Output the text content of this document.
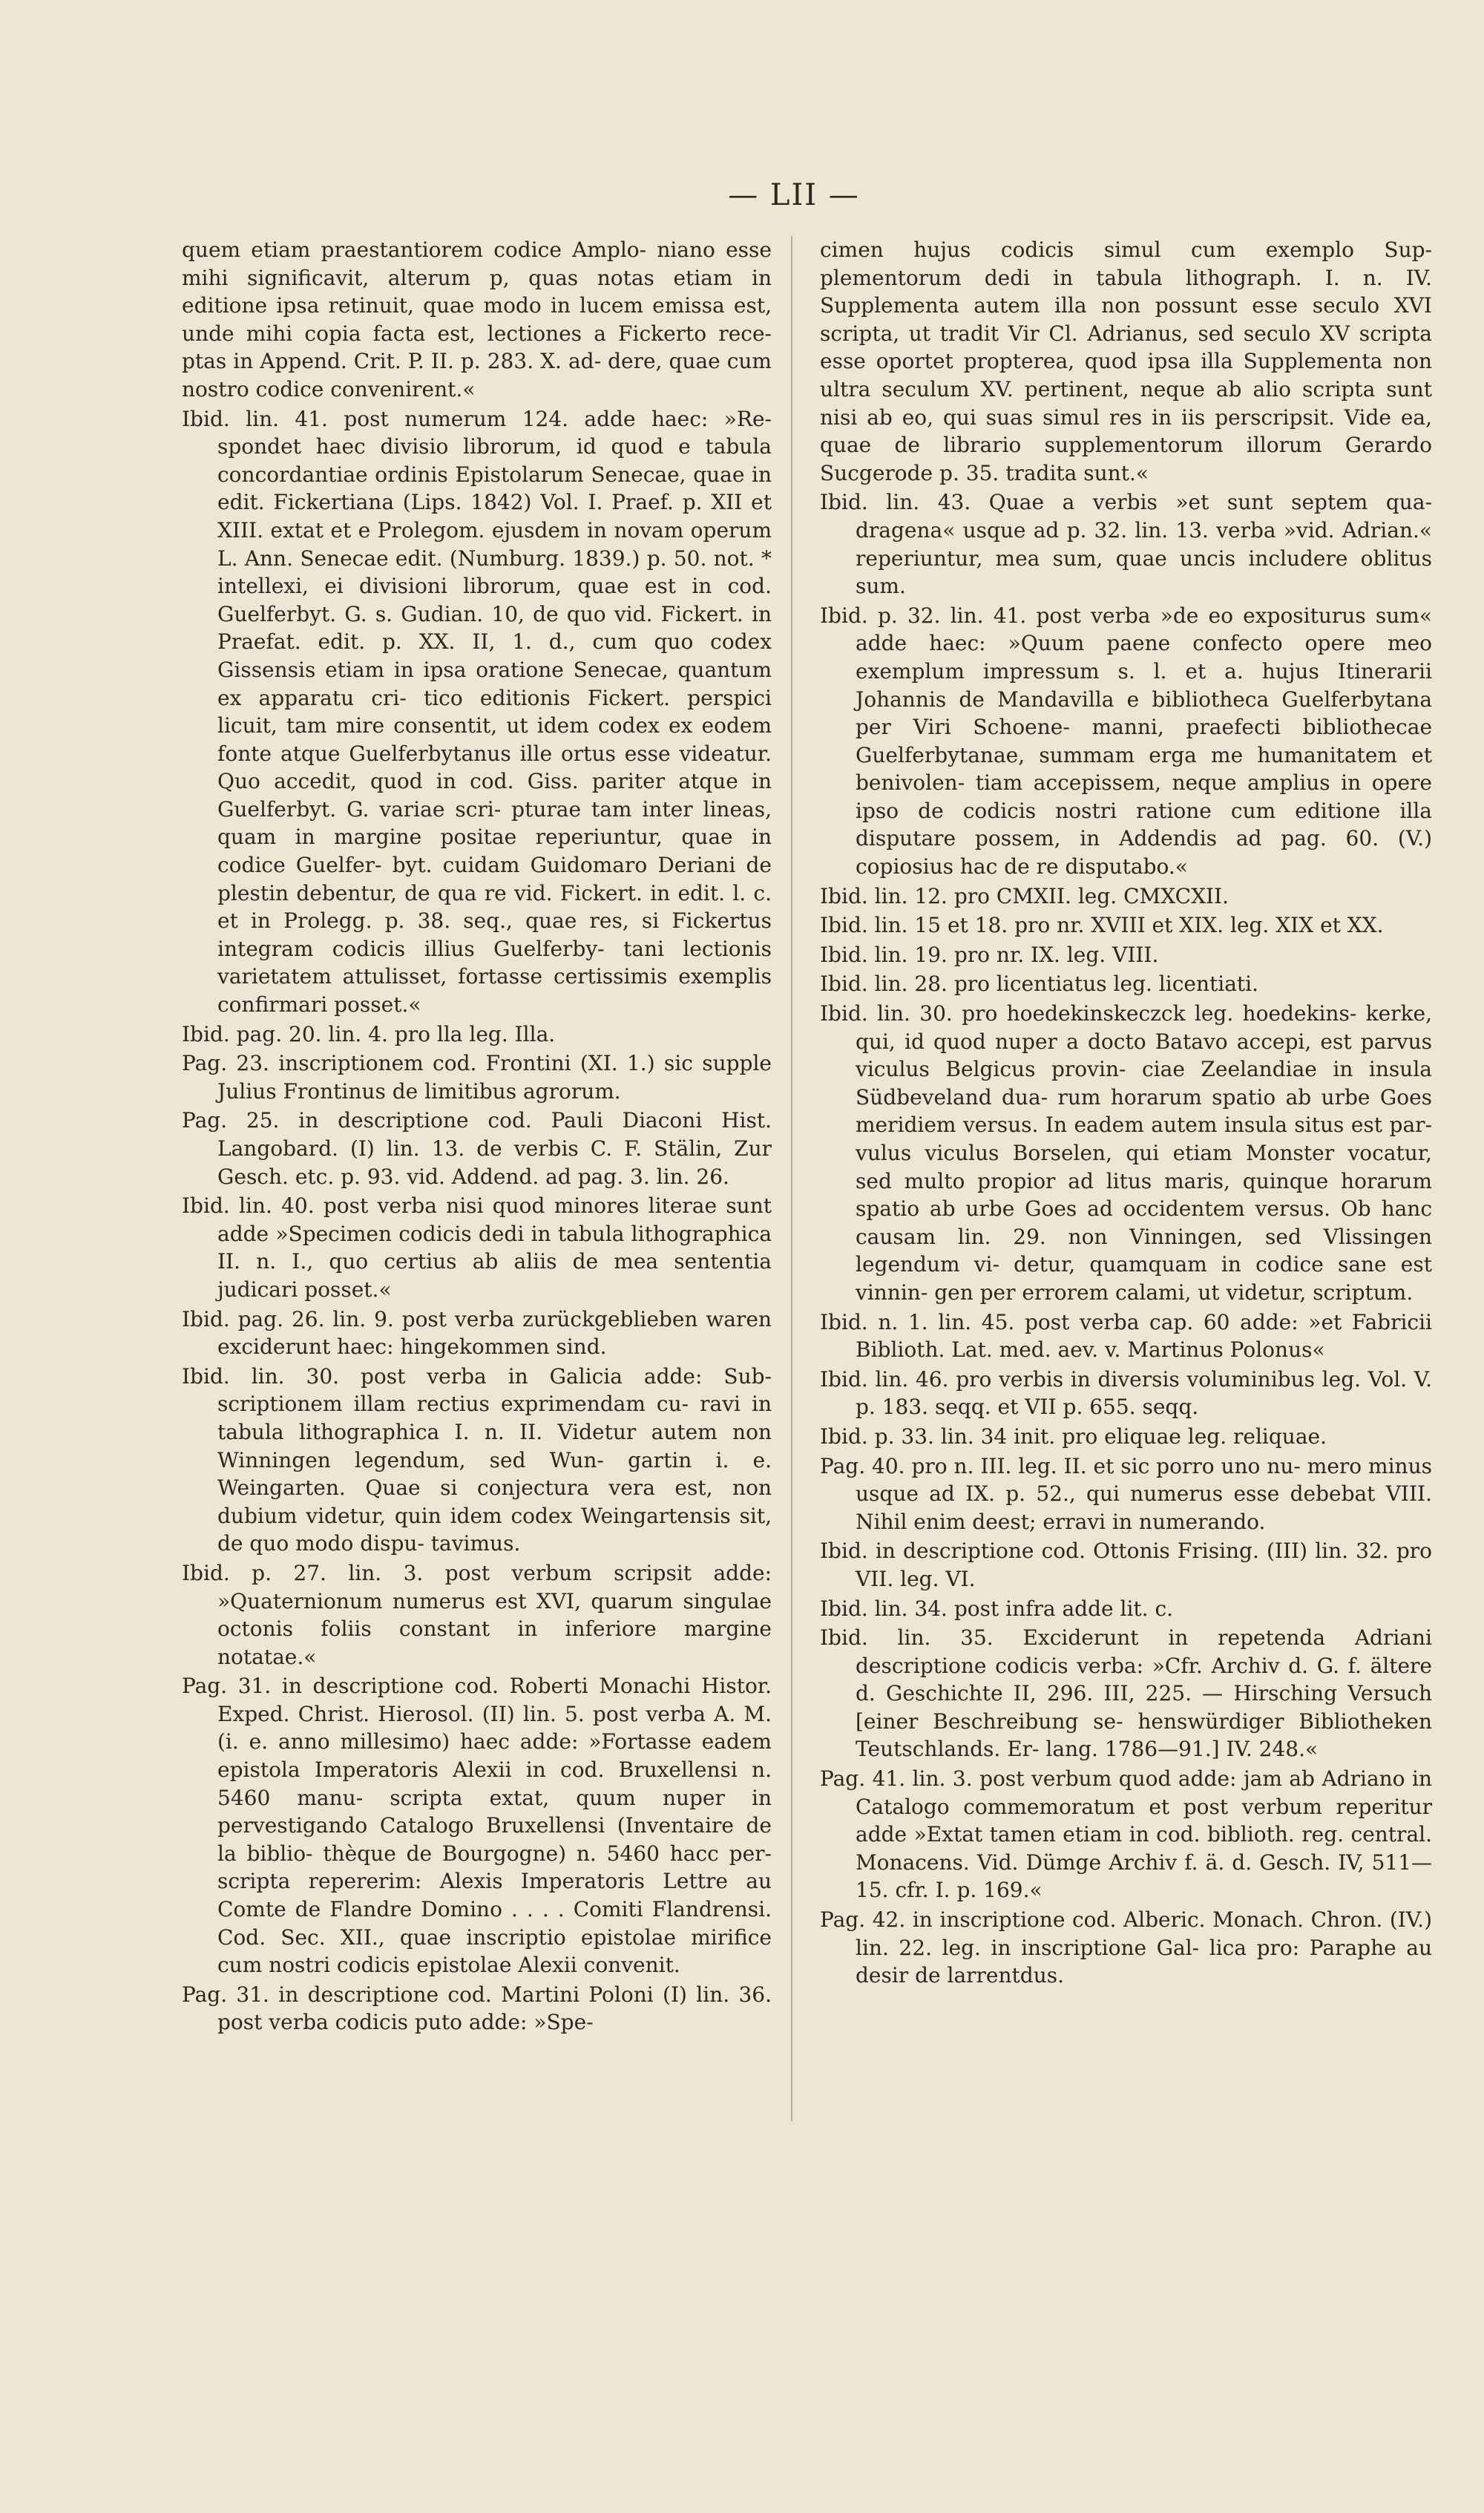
— LII —
quem etiam praestantiorem codice Amplo- niano esse mihi significavit, alterum p, quas notas etiam in editione ipsa retinuit, quae modo in lucem emissa est, unde mihi copia facta est, lectiones a Fickerto rece- ptas in Append. Crit. P. II. p. 283. X. ad- dere, quae cum nostro codice convenirent.«
Ibid. lin. 41. post numerum 124. adde haec: »Re- spondet haec divisio librorum, id quod e tabula concordantiae ordinis Epistolarum Senecae, quae in edit. Fickertiana (Lips. 1842) Vol. I. Praef. p. XII et XIII. extat et e Prolegom. ejusdem in novam operum L. Ann. Senecae edit. (Numburg. 1839.) p. 50. not. * intellexi, ei divisioni librorum, quae est in cod. Guelferbyt. G. s. Gudian. 10, de quo vid. Fickert. in Praefat. edit. p. XX. II, 1. d., cum quo codex Gissensis etiam in ipsa oratione Senecae, quantum ex apparatu cri- tico editionis Fickert. perspici licuit, tam mire consentit, ut idem codex ex eodem fonte atque Guelferbytanus ille ortus esse videatur. Quo accedit, quod in cod. Giss. pariter atque in Guelferbyt. G. variae scri- pturae tam inter lineas, quam in margine positae reperiuntur, quae in codice Guelfer- byt. cuidam Guidomaro Deriani de plestin debentur, de qua re vid. Fickert. in edit. l. c. et in Prolegg. p. 38. seq., quae res, si Fickertus integram codicis illius Guelferby- tani lectionis varietatem attulisset, fortasse certissimis exemplis confirmari posset.«
Ibid. pag. 20. lin. 4. pro lla leg. Illa.
Pag. 23. inscriptionem cod. Frontini (XI. 1.) sic supple Julius Frontinus de limitibus agrorum.
Pag. 25. in descriptione cod. Pauli Diaconi Hist. Langobard. (I) lin. 13. de verbis C. F. Stälin, Zur Gesch. etc. p. 93. vid. Addend. ad pag. 3. lin. 26.
Ibid. lin. 40. post verba nisi quod minores literae sunt adde »Specimen codicis dedi in tabula lithographica II. n. I., quo certius ab aliis de mea sententia judicari posset.«
Ibid. pag. 26. lin. 9. post verba zurückgeblieben waren exciderunt haec: hingekommen sind.
Ibid. lin. 30. post verba in Galicia adde: Sub- scriptionem illam rectius exprimendam cu- ravi in tabula lithographica I. n. II. Videtur autem non Winningen legendum, sed Wun- gartin i. e. Weingarten. Quae si conjectura vera est, non dubium videtur, quin idem codex Weingartensis sit, de quo modo dispu- tavimus.
Ibid. p. 27. lin. 3. post verbum scripsit adde: »Quaternionum numerus est XVI, quarum singulae octonis foliis constant in inferiore margine notatae.«
Pag. 31. in descriptione cod. Roberti Monachi Histor. Exped. Christ. Hierosol. (II) lin. 5. post verba A. M. (i. e. anno millesimo) haec adde: »Fortasse eadem epistola Imperatoris Alexii in cod. Bruxellensi n. 5460 manu- scripta extat, quum nuper in pervestigando Catalogo Bruxellensi (Inventaire de la biblio- thèque de Bourgogne) n. 5460 hacc per- scripta repererim: Alexis Imperatoris Lettre au Comte de Flandre Domino . . . . Comiti Flandrensi. Cod. Sec. XII., quae inscriptio epistolae mirifice cum nostri codicis epistolae Alexii convenit.
Pag. 31. in descriptione cod. Martini Poloni (I) lin. 36. post verba codicis puto adde: »Spe-
cimen hujus codicis simul cum exemplo Sup- plementorum dedi in tabula lithograph. I. n. IV. Supplementa autem illa non possunt esse seculo XVI scripta, ut tradit Vir Cl. Adrianus, sed seculo XV scripta esse oportet propterea, quod ipsa illa Supplementa non ultra seculum XV. pertinent, neque ab alio scripta sunt nisi ab eo, qui suas simul res in iis perscripsit. Vide ea, quae de librario supplementorum illorum Gerardo Sucgerode p. 35. tradita sunt.«
Ibid. lin. 43. Quae a verbis »et sunt septem qua- dragena« usque ad p. 32. lin. 13. verba »vid. Adrian.« reperiuntur, mea sum, quae uncis includere oblitus sum.
Ibid. p. 32. lin. 41. post verba »de eo expositurus sum« adde haec: »Quum paene confecto opere meo exemplum impressum s. l. et a. hujus Itinerarii Johannis de Mandavilla e bibliotheca Guelferbytana per Viri Schoene- manni, praefecti bibliothecae Guelferbytanae, summam erga me humanitatem et benivolen- tiam accepissem, neque amplius in opere ipso de codicis nostri ratione cum editione illa disputare possem, in Addendis ad pag. 60. (V.) copiosius hac de re disputabo.«
Ibid. lin. 12. pro CMXII. leg. CMXCXII.
Ibid. lin. 15 et 18. pro nr. XVIII et XIX. leg. XIX et XX.
Ibid. lin. 19. pro nr. IX. leg. VIII.
Ibid. lin. 28. pro licentiatus leg. licentiati.
Ibid. lin. 30. pro hoedekinskeczck leg. hoedekins- kerke, qui, id quod nuper a docto Batavo accepi, est parvus viculus Belgicus provin- ciae Zeelandiae in insula Südbeveland dua- rum horarum spatio ab urbe Goes meridiem versus. In eadem autem insula situs est par- vulus viculus Borselen, qui etiam Monster vocatur, sed multo propior ad litus maris, quinque horarum spatio ab urbe Goes ad occidentem versus. Ob hanc causam lin. 29. non Vinningen, sed Vlissingen legendum vi- detur, quamquam in codice sane est vinnin- gen per errorem calami, ut videtur, scriptum.
Ibid. n. 1. lin. 45. post verba cap. 60 adde: »et Fabricii Biblioth. Lat. med. aev. v. Martinus Polonus«
Ibid. lin. 46. pro verbis in diversis voluminibus leg. Vol. V. p. 183. seqq. et VII p. 655. seqq.
Ibid. p. 33. lin. 34 init. pro eliquae leg. reliquae.
Pag. 40. pro n. III. leg. II. et sic porro uno nu- mero minus usque ad IX. p. 52., qui numerus esse debebat VIII. Nihil enim deest; erravi in numerando.
Ibid. in descriptione cod. Ottonis Frising. (III) lin. 32. pro VII. leg. VI.
Ibid. lin. 34. post infra adde lit. c.
Ibid. lin. 35. Exciderunt in repetenda Adriani descriptione codicis verba: »Cfr. Archiv d. G. f. ältere d. Geschichte II, 296. III, 225. — Hirsching Versuch [einer Beschreibung se- henswürdiger Bibliotheken Teutschlands. Er- lang. 1786—91.] IV. 248.«
Pag. 41. lin. 3. post verbum quod adde: jam ab Adriano in Catalogo commemoratum et post verbum reperitur adde »Extat tamen etiam in cod. biblioth. reg. central. Monacens. Vid. Dümge Archiv f. ä. d. Gesch. IV, 511—15. cfr. I. p. 169.«
Pag. 42. in inscriptione cod. Alberic. Monach. Chron. (IV.) lin. 22. leg. in inscriptione Gal- lica pro: Paraphe au desir de larrentdus.
